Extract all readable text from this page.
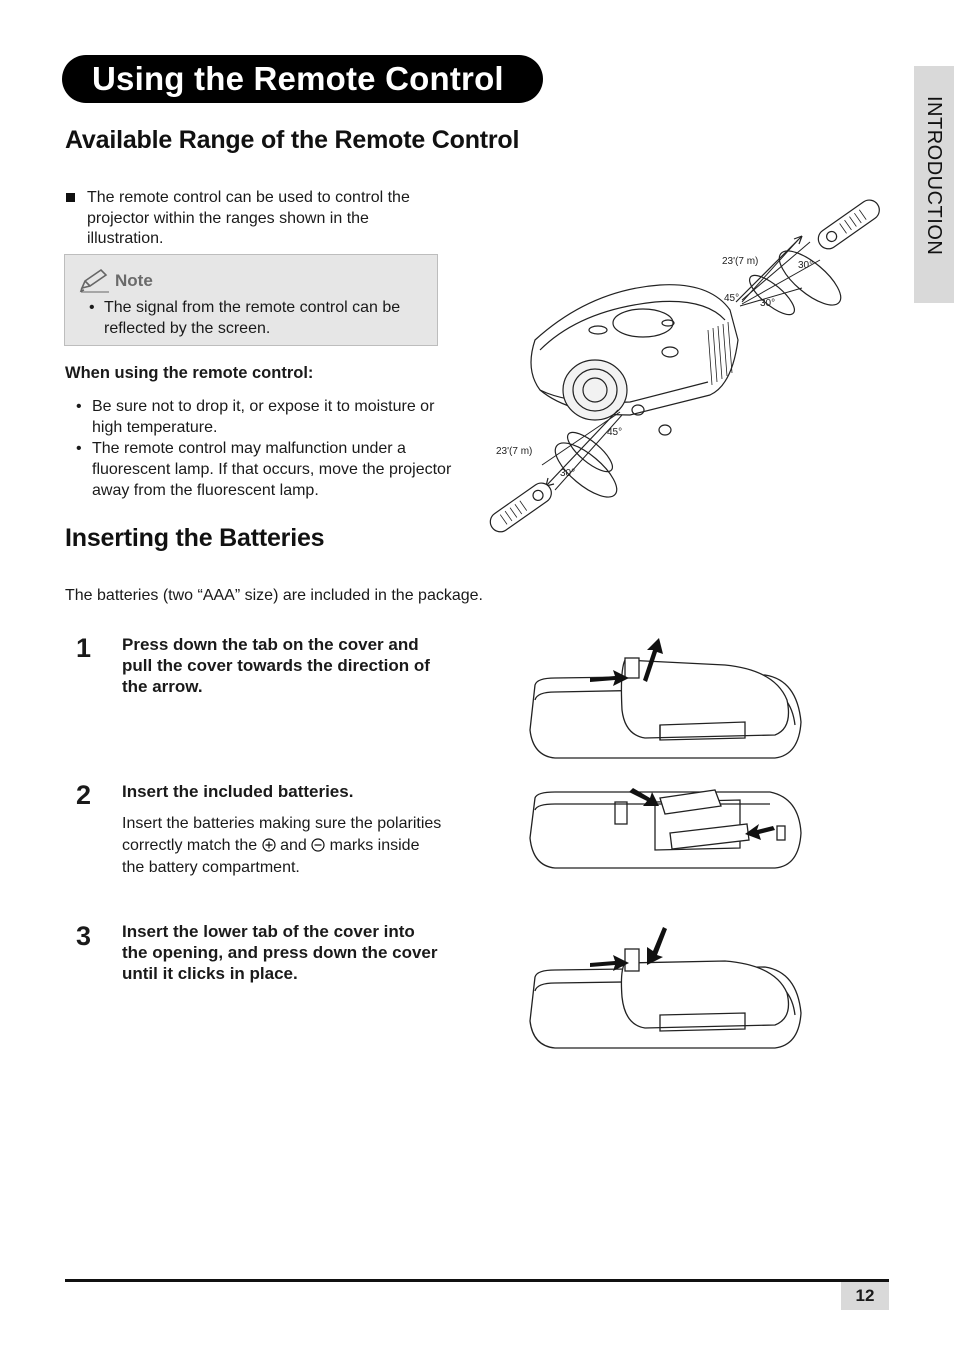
Using the Remote Control
INTRODUCTION
Available Range of the Remote Control
The remote control can be used to control the projector within the ranges shown in the illustration.
Note
• The signal from the remote control can be reflected by the screen.
When using the remote control:
• Be sure not to drop it, or expose it to moisture or high temperature.
• The remote control may malfunction under a fluorescent lamp. If that occurs, move the projector away from the fluorescent lamp.
23'(7 m)	30°
45° 30°
45°
23'(7 m)
30°
Inserting the Batteries
The batteries (two “AAA” size) are included in the package.
1 Press down the tab on the cover and pull the cover towards the direction of the arrow.
2 Insert the included batteries.
Insert the batteries making sure the polarities correctly match the and marks inside the battery compartment.
3 Insert the lower tab of the cover into the opening, and press down the cover until it clicks in place.
12
